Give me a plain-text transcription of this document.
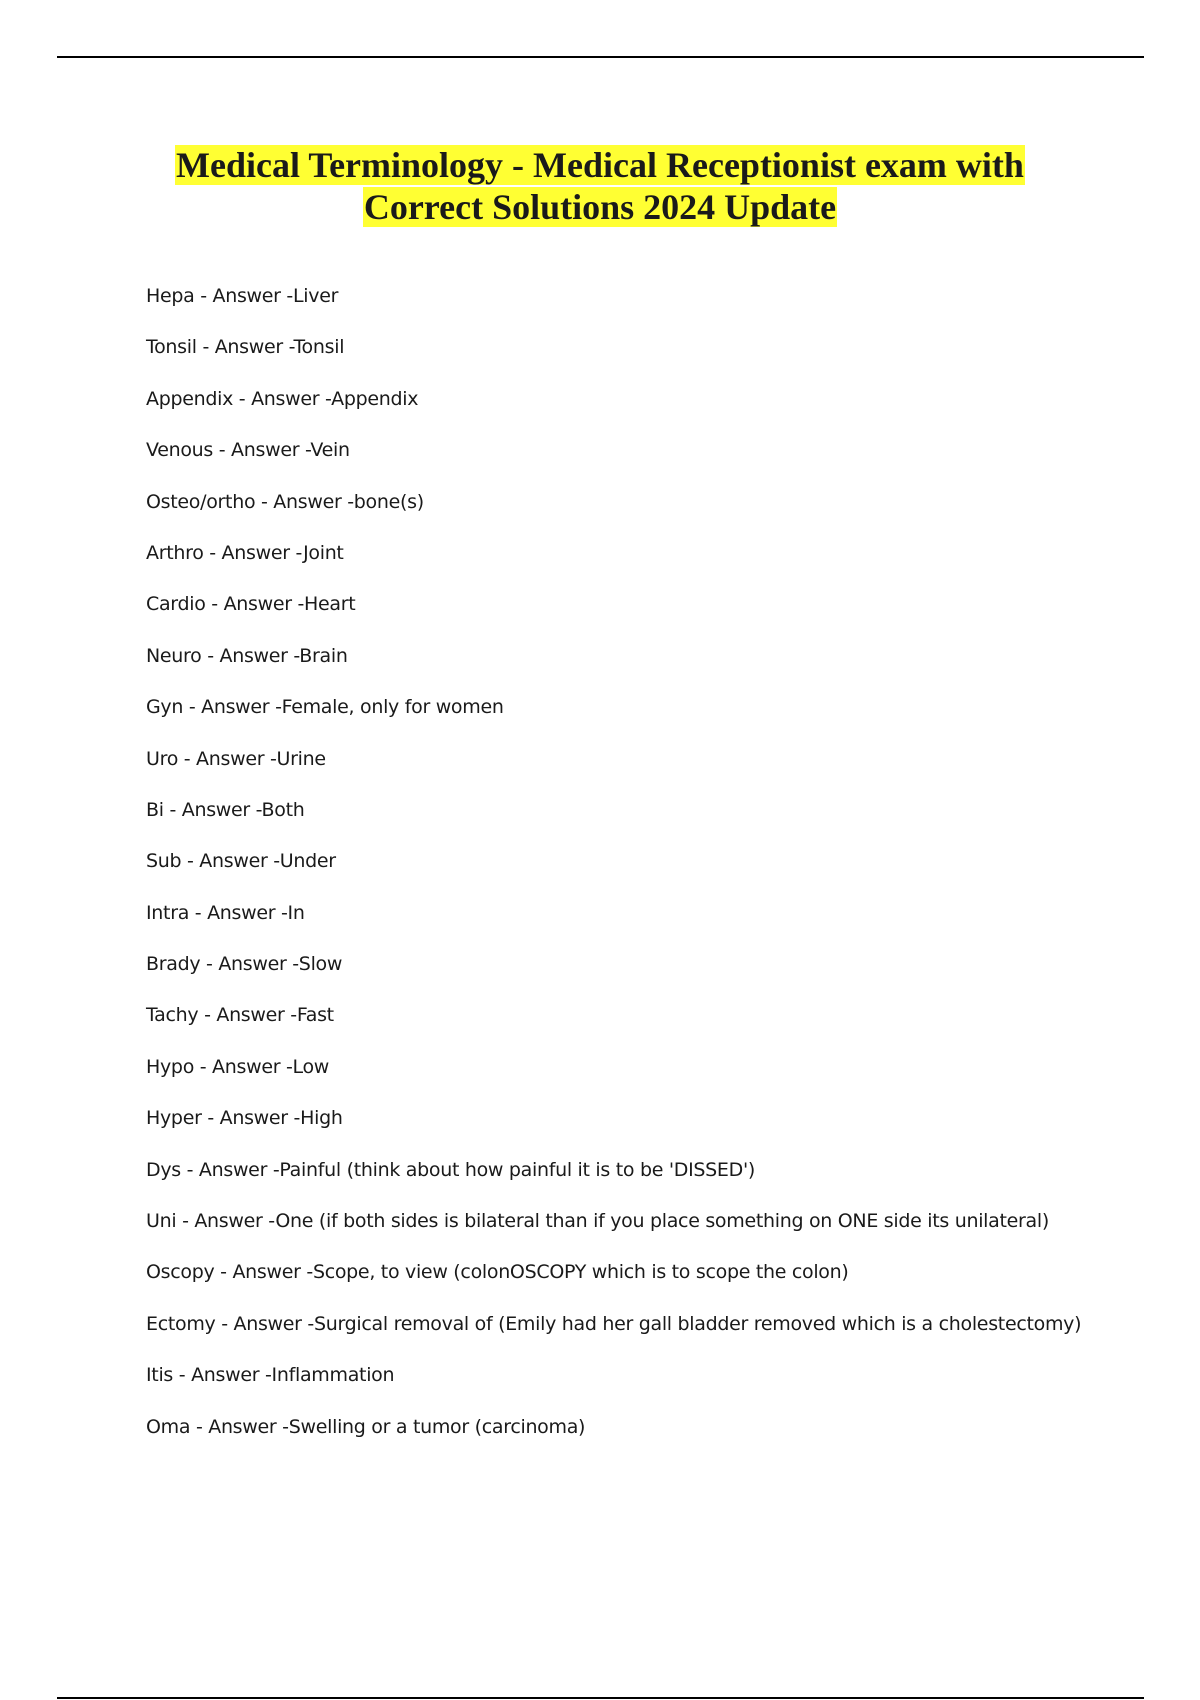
Medical Terminology - Medical Receptionist exam with
Correct Solutions 2024 Update
Hepa - Answer -Liver
Tonsil - Answer -Tonsil
Appendix - Answer -Appendix
Venous - Answer -Vein
Osteo/ortho - Answer -bone(s)
Arthro - Answer -Joint
Cardio - Answer -Heart
Neuro - Answer -Brain
Gyn - Answer -Female, only for women
Uro - Answer -Urine
Bi - Answer -Both
Sub - Answer -Under
Intra - Answer -In
Brady - Answer -Slow
Tachy - Answer -Fast
Hypo - Answer -Low
Hyper - Answer -High
Dys - Answer -Painful (think about how painful it is to be 'DISSED')
Uni - Answer -One (if both sides is bilateral than if you place something on ONE side its unilateral)
Oscopy - Answer -Scope, to view (colonOSCOPY which is to scope the colon)
Ectomy - Answer -Surgical removal of (Emily had her gall bladder removed which is a cholestectomy)
Itis - Answer -Inflammation
Oma - Answer -Swelling or a tumor (carcinoma)
